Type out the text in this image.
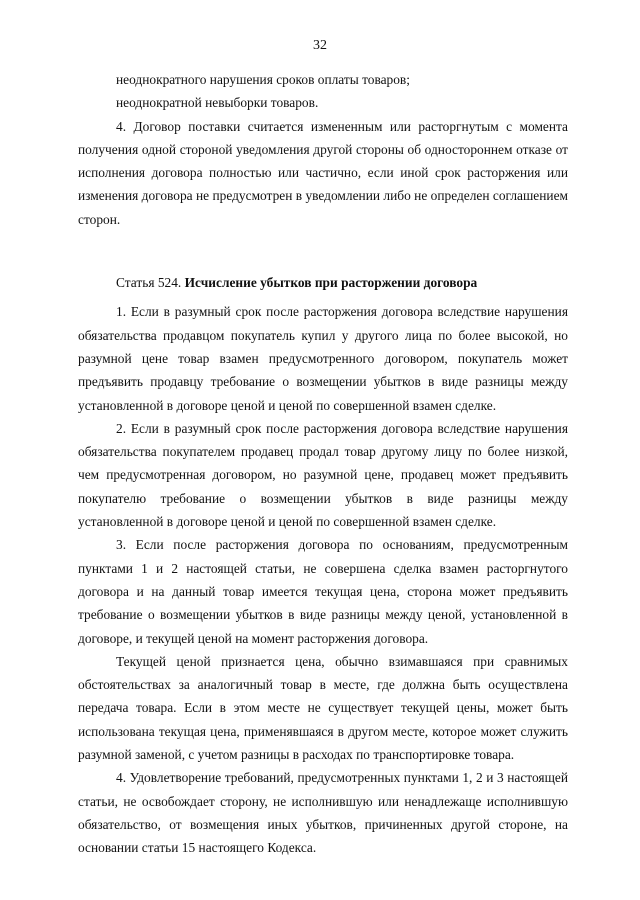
32

неоднократного нарушения сроков оплаты товаров;

неоднократной невыборки товаров.

4. Договор поставки считается измененным или расторгнутым с момента получения одной стороной уведомления другой стороны об одностороннем отказе от исполнения договора полностью или частично, если иной срок расторжения или изменения договора не предусмотрен в уведомлении либо не определен соглашением сторон.

Статья 524. Исчисление убытков при расторжении договора

1. Если в разумный срок после расторжения договора вследствие нарушения обязательства продавцом покупатель купил у другого лица по более высокой, но разумной цене товар взамен предусмотренного договором, покупатель может предъявить продавцу требование о возмещении убытков в виде разницы между установленной в договоре ценой и ценой по совершенной взамен сделке.

2. Если в разумный срок после расторжения договора вследствие нарушения обязательства покупателем продавец продал товар другому лицу по более низкой, чем предусмотренная договором, но разумной цене, продавец может предъявить покупателю требование о возмещении убытков в виде разницы между установленной в договоре ценой и ценой по совершенной взамен сделке.

3. Если после расторжения договора по основаниям, предусмотренным пунктами 1 и 2 настоящей статьи, не совершена сделка взамен расторгнутого договора и на данный товар имеется текущая цена, сторона может предъявить требование о возмещении убытков в виде разницы между ценой, установленной в договоре, и текущей ценой на момент расторжения договора.

Текущей ценой признается цена, обычно взимавшаяся при сравнимых обстоятельствах за аналогичный товар в месте, где должна быть осуществлена передача товара. Если в этом месте не существует текущей цены, может быть использована текущая цена, применявшаяся в другом месте, которое может служить разумной заменой, с учетом разницы в расходах по транспортировке товара.

4. Удовлетворение требований, предусмотренных пунктами 1, 2 и 3 настоящей статьи, не освобождает сторону, не исполнившую или ненадлежаще исполнившую обязательство, от возмещения иных убытков, причиненных другой стороне, на основании статьи 15 настоящего Кодекса.
